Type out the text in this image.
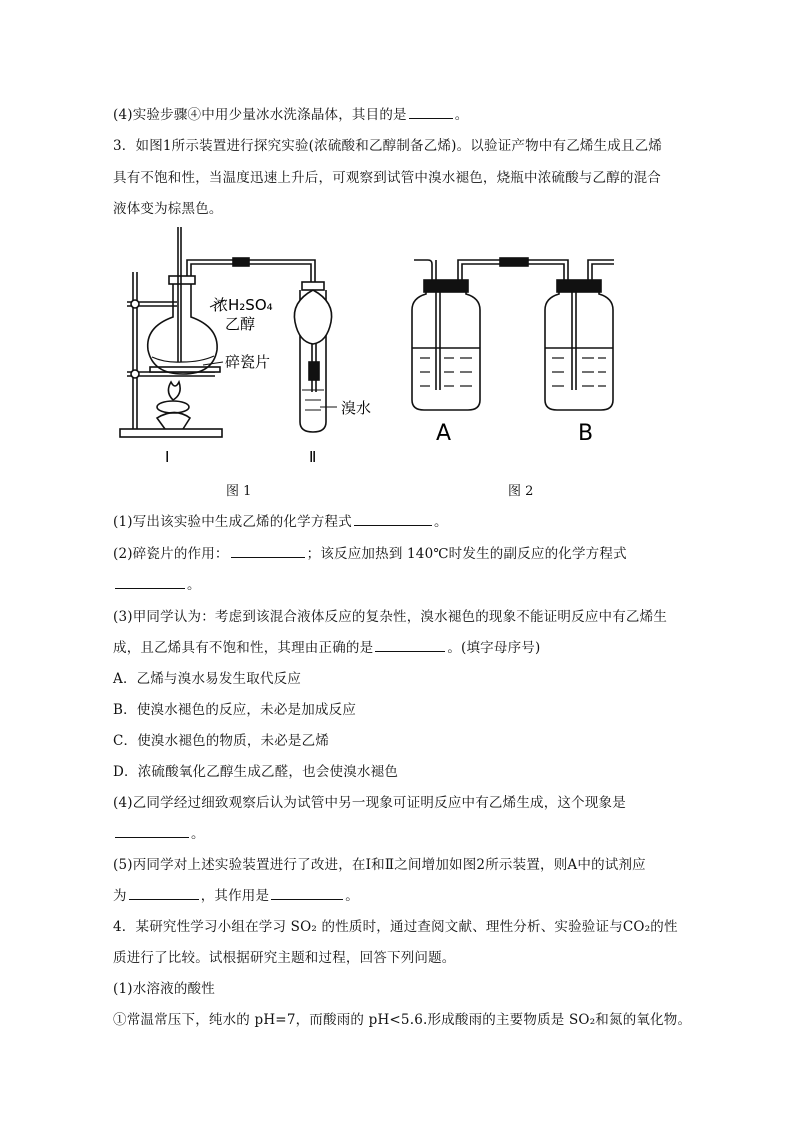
(4)实验步骤④中用少量冰水洗涤晶体，其目的是	。
3．如图1所示装置进行探究实验(浓硫酸和乙醇制备乙烯)。以验证产物中有乙烯生成且乙烯
具有不饱和性，当温度迅速上升后，可观察到试管中溴水褪色，烧瓶中浓硫酸与乙醇的混合
液体变为棕黑色。
浓H₂SO₄
乙醇
碎瓷片
溴水
Ⅰ	Ⅱ
图 1
A	B
图 2
(1)写出该实验中生成乙烯的化学方程式	。
(2)碎瓷片的作用：	；该反应加热到 140℃时发生的副反应的化学方程式
。
(3)甲同学认为：考虑到该混合液体反应的复杂性，溴水褪色的现象不能证明反应中有乙烯生
成，且乙烯具有不饱和性，其理由正确的是	。(填字母序号)
A．乙烯与溴水易发生取代反应
B．使溴水褪色的反应，未必是加成反应
C．使溴水褪色的物质，未必是乙烯
D．浓硫酸氧化乙醇生成乙醛，也会使溴水褪色
(4)乙同学经过细致观察后认为试管中另一现象可证明反应中有乙烯生成，这个现象是
。
(5)丙同学对上述实验装置进行了改进，在Ⅰ和Ⅱ之间增加如图2所示装置，则A中的试剂应
为	，其作用是	。
4．某研究性学习小组在学习 SO₂ 的性质时，通过查阅文献、理性分析、实验验证与CO₂的性
质进行了比较。试根据研究主题和过程，回答下列问题。
(1)水溶液的酸性
①常温常压下，纯水的 pH=7，而酸雨的 pH<5.6.形成酸雨的主要物质是 SO₂和氮的氧化物。
